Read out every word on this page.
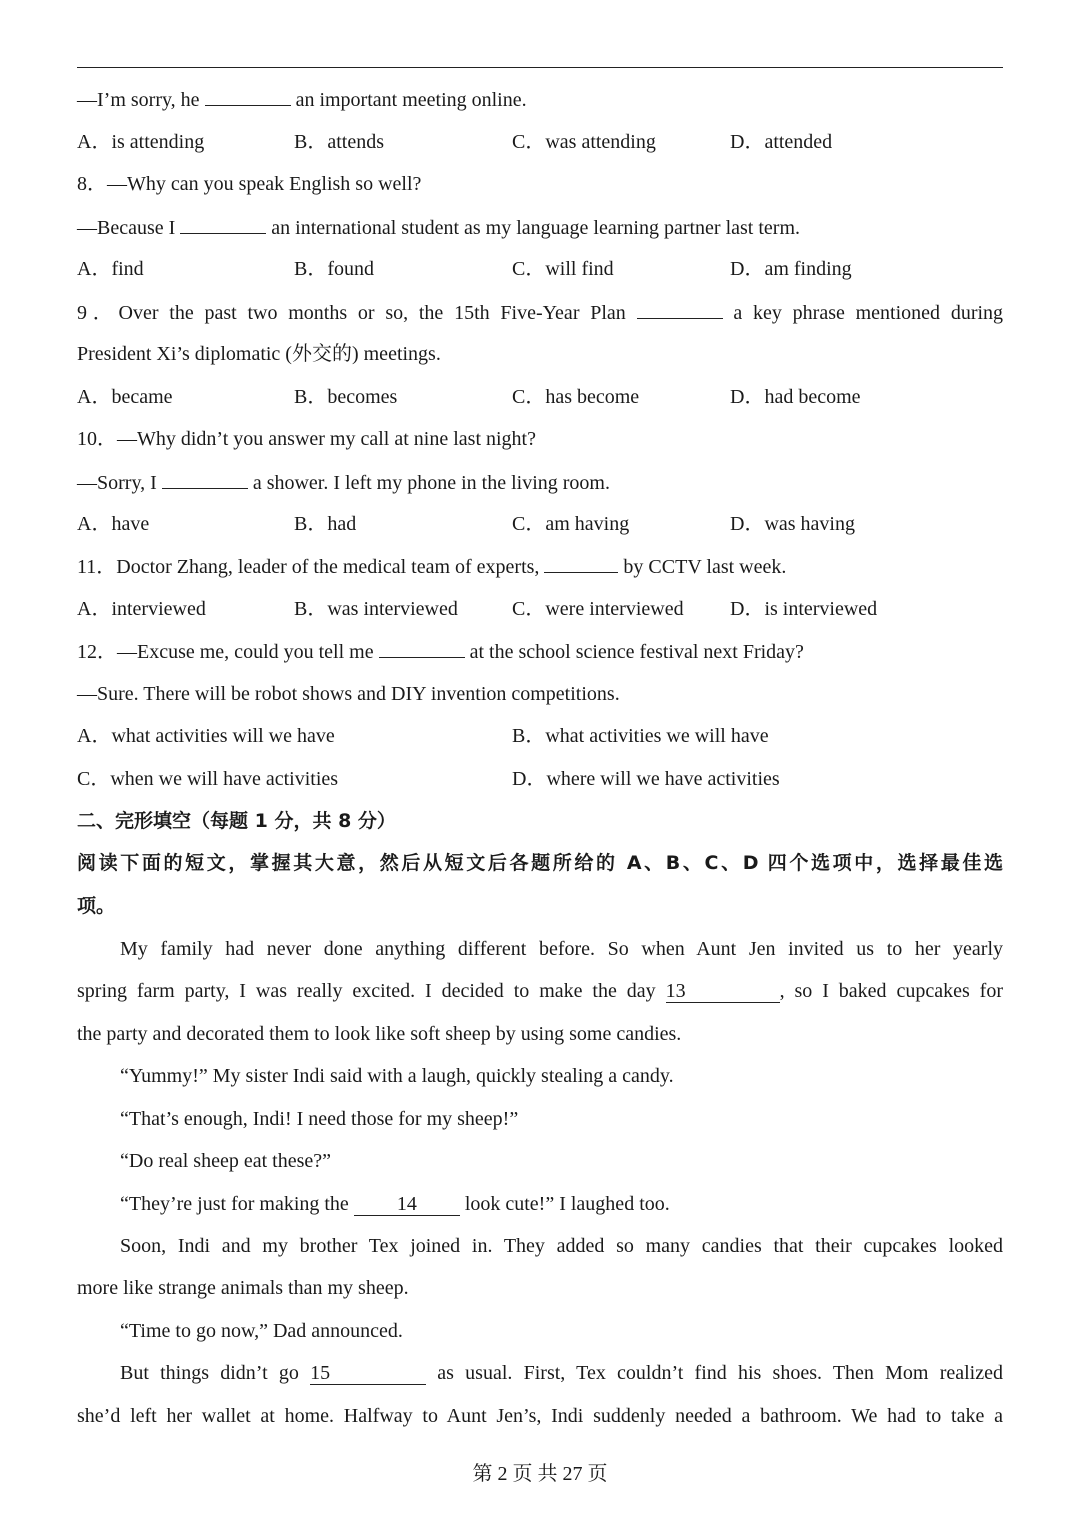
—I’m sorry, he	an important meeting online.
A．is attending	B．attends	C．was attending	D．attended
8．—Why can you speak English so well?
—Because I	an international student as my language learning partner last term.
A．find	B．found	C．will find	D．am finding
9．Over the past two months or so, the 15th Five-Year Plan	a key phrase mentioned during
President Xi’s diplomatic (外交的) meetings.
A．became	B．becomes	C．has become	D．had become
10．—Why didn’t you answer my call at nine last night?
—Sorry, I	a shower. I left my phone in the living room.
A．have	B．had	C．am having	D．was having
11．Doctor Zhang, leader of the medical team of experts,	by CCTV last week.
A．interviewed	B．was interviewed	C．were interviewed D．is interviewed
12．—Excuse me, could you tell me	at the school science festival next Friday?
—Sure. There will be robot shows and DIY invention competitions.
A．what activities will we have	B．what activities we will have
C．when we will have activities	D．where will we have activities
二、完形填空（每题 1 分，共 8 分）
阅读下面的短文，掌握其大意，然后从短文后各题所给的 A、B、C、D 四个选项中，选择最佳选
项。
My family had never done anything different before. So when Aunt Jen invited us to her yearly
spring farm party, I was really excited. I decided to make the day 13	, so I baked cupcakes for
the party and decorated them to look like soft sheep by using some candies.
“Yummy!” My sister Indi said with a laugh, quickly stealing a candy.
“That’s enough, Indi! I need those for my sheep!”
“Do real sheep eat these?”
“They’re just for making the 14 look cute!” I laughed too.
Soon, Indi and my brother Tex joined in. They added so many candies that their cupcakes looked
more like strange animals than my sheep.
“Time to go now,” Dad announced.
But things didn’t go 15	as usual. First, Tex couldn’t find his shoes. Then Mom realized
she’d left her wallet at home. Halfway to Aunt Jen’s, Indi suddenly needed a bathroom. We had to take a
第 2 页 共 27 页
